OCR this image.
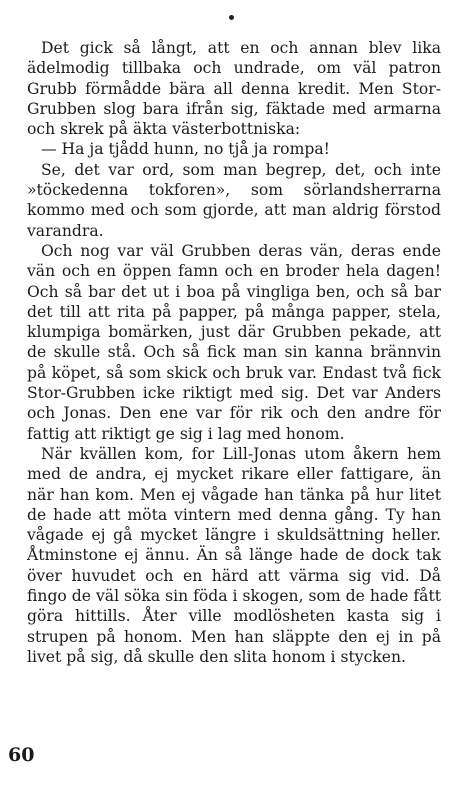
Det gick så långt, att en och annan blev lika ädelmodig tillbaka och undrade, om väl patron Grubb förmådde bära all denna kredit. Men Stor-Grubben slog bara ifrån sig, fäktade med armarna och skrek på äkta västerbottniska:

— Ha ja tjådd hunn, no tjå ja rompa!

Se, det var ord, som man begrep, det, och inte »töckedenna tokforen», som sörlandsherrarna kommo med och som gjorde, att man aldrig förstod varandra.

Och nog var väl Grubben deras vän, deras ende vän och en öppen famn och en broder hela dagen! Och så bar det ut i boa på vingliga ben, och så bar det till att rita på papper, på många papper, stela, klumpiga bomärken, just där Grubben pekade, att de skulle stå. Och så fick man sin kanna brännvin på köpet, så som skick och bruk var. Endast två fick Stor-Grubben icke riktigt med sig. Det var Anders och Jonas. Den ene var för rik och den andre för fattig att riktigt ge sig i lag med honom.

När kvällen kom, for Lill-Jonas utom åkern hem med de andra, ej mycket rikare eller fattigare, än när han kom. Men ej vågade han tänka på hur litet de hade att möta vintern med denna gång. Ty han vågade ej gå mycket längre i skuldsättning heller. Åtminstone ej ännu. Än så länge hade de dock tak över huvudet och en härd att värma sig vid. Då fingo de väl söka sin föda i skogen, som de hade fått göra hittills. Åter ville modlösheten kasta sig i strupen på honom. Men han släppte den ej in på livet på sig, då skulle den slita honom i stycken.

60
